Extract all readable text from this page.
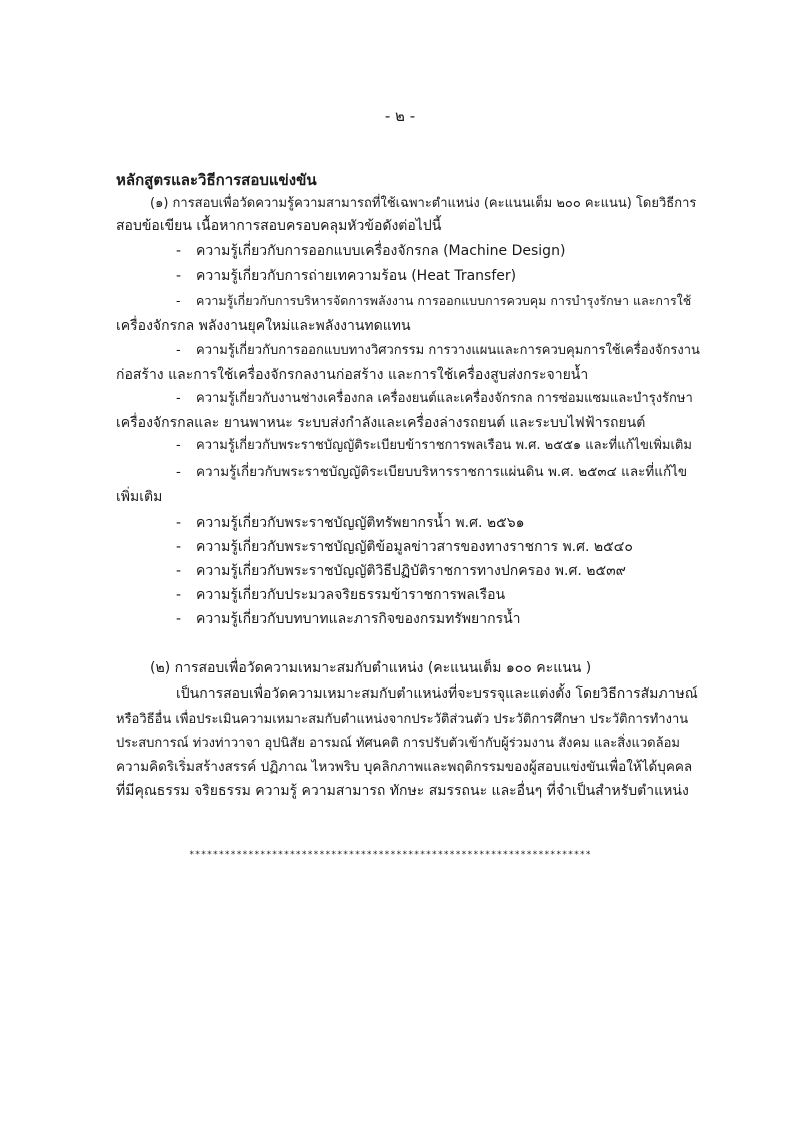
- ๒ -
หลักสูตรและวิธีการสอบแข่งขัน
(๑) การสอบเพื่อวัดความรู้ความสามารถที่ใช้เฉพาะตำแหน่ง (คะแนนเต็ม ๒๐๐ คะแนน) โดยวิธีการ
สอบข้อเขียน เนื้อหาการสอบครอบคลุมหัวข้อดังต่อไปนี้
- ความรู้เกี่ยวกับการออกแบบเครื่องจักรกล (Machine Design)
- ความรู้เกี่ยวกับการถ่ายเทความร้อน (Heat Transfer)
- ความรู้เกี่ยวกับการบริหารจัดการพลังงาน การออกแบบการควบคุม การบำรุงรักษา และการใช้
เครื่องจักรกล พลังงานยุคใหม่และพลังงานทดแทน
- ความรู้เกี่ยวกับการออกแบบทางวิศวกรรม การวางแผนและการควบคุมการใช้เครื่องจักรงาน
ก่อสร้าง และการใช้เครื่องจักรกลงานก่อสร้าง และการใช้เครื่องสูบส่งกระจายน้ำ
- ความรู้เกี่ยวกับงานช่างเครื่องกล เครื่องยนต์และเครื่องจักรกล การซ่อมแซมและบำรุงรักษา
เครื่องจักรกลและ ยานพาหนะ ระบบส่งกำลังและเครื่องล่างรถยนต์ และระบบไฟฟ้ารถยนต์
- ความรู้เกี่ยวกับพระราชบัญญัติระเบียบข้าราชการพลเรือน พ.ศ. ๒๕๕๑ และที่แก้ไขเพิ่มเติม
- ความรู้เกี่ยวกับพระราชบัญญัติระเบียบบริหารราชการแผ่นดิน พ.ศ. ๒๕๓๔ และที่แก้ไข
เพิ่มเติม
- ความรู้เกี่ยวกับพระราชบัญญัติทรัพยากรน้ำ พ.ศ. ๒๕๖๑
- ความรู้เกี่ยวกับพระราชบัญญัติข้อมูลข่าวสารของทางราชการ พ.ศ. ๒๕๔๐
- ความรู้เกี่ยวกับพระราชบัญญัติวิธีปฏิบัติราชการทางปกครอง พ.ศ. ๒๕๓๙
- ความรู้เกี่ยวกับประมวลจริยธรรมข้าราชการพลเรือน
- ความรู้เกี่ยวกับบทบาทและภารกิจของกรมทรัพยากรน้ำ
(๒) การสอบเพื่อวัดความเหมาะสมกับตำแหน่ง (คะแนนเต็ม ๑๐๐ คะแนน )
เป็นการสอบเพื่อวัดความเหมาะสมกับตำแหน่งที่จะบรรจุและแต่งตั้ง โดยวิธีการสัมภาษณ์
หรือวิธีอื่น เพื่อประเมินความเหมาะสมกับตำแหน่งจากประวัติส่วนตัว ประวัติการศึกษา ประวัติการทำงาน
ประสบการณ์ ท่วงท่าวาจา อุปนิสัย อารมณ์ ทัศนคติ การปรับตัวเข้ากับผู้ร่วมงาน สังคม และสิ่งแวดล้อม
ความคิดริเริ่มสร้างสรรค์ ปฏิภาณ ไหวพริบ บุคลิกภาพและพฤติกรรมของผู้สอบแข่งขันเพื่อให้ได้บุคคล
ที่มีคุณธรรม จริยธรรม ความรู้ ความสามารถ ทักษะ สมรรถนะ และอื่นๆ ที่จำเป็นสำหรับตำแหน่ง
********************************************************************
